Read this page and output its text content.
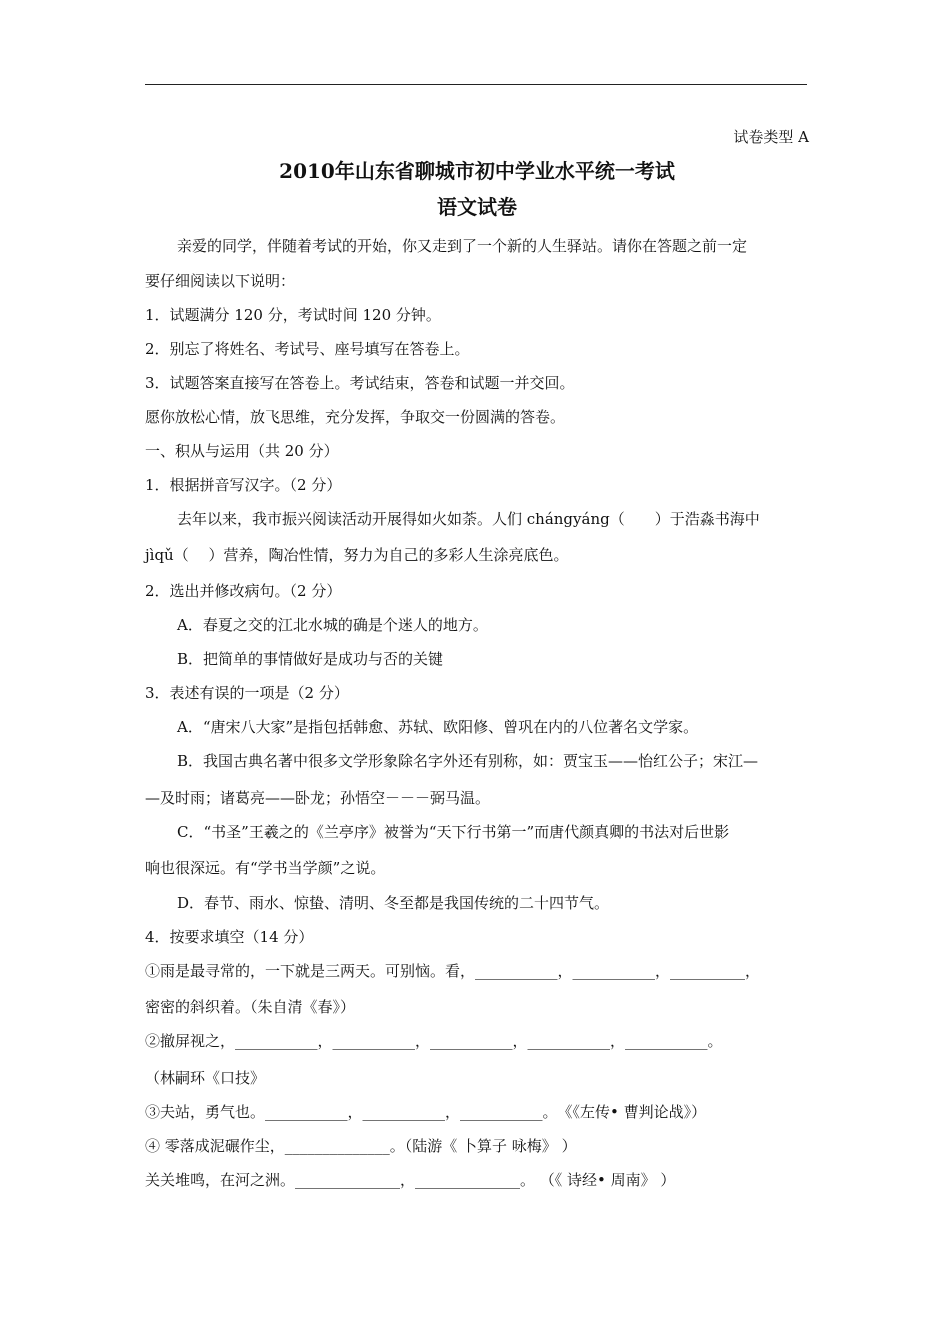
试卷类型 A
2010年山东省聊城市初中学业水平统一考试
语文试卷
亲爱的同学，伴随着考试的开始，你又走到了一个新的人生驿站。请你在答题之前一定
要仔细阅读以下说明：
1．试题满分 120 分，考试时间 120 分钟。
2．别忘了将姓名、考试号、座号填写在答卷上。
3．试题答案直接写在答卷上。考试结束，答卷和试题一并交回。
愿你放松心情，放飞思维，充分发挥，争取交一份圆满的答卷。
一、积从与运用（共 20 分）
1．根据拼音写汉字。（2 分）
去年以来，我市振兴阅读活动开展得如火如荼。人们 chángyáng（　　）于浩淼书海中
jìqǔ（　 ）营养，陶冶性情，努力为自己的多彩人生涂亮底色。
2．选出并修改病句。（2 分）
A．春夏之交的江北水城的确是个迷人的地方。
B．把简单的事情做好是成功与否的关键
3．表述有误的一项是（2 分）
A．“唐宋八大家”是指包括韩愈、苏轼、欧阳修、曾巩在内的八位著名文学家。
B．我国古典名著中很多文学形象除名字外还有别称，如：贾宝玉——怡红公子；宋江—
—及时雨；诸葛亮——卧龙；孙悟空－－－弼马温。
C．“书圣”王羲之的《兰亭序》被誉为“天下行书第一”而唐代颜真卿的书法对后世影
响也很深远。有“学书当学颜”之说。
D．春节、雨水、惊蛰、清明、冬至都是我国传统的二十四节气。
4．按要求填空（14 分）
①雨是最寻常的，一下就是三两天。可别恼。看，___________，___________，__________，
密密的斜织着。（朱自清《春》）
②撤屏视之，___________，___________，___________，___________，___________。
（林嗣环《口技》
③夫站，勇气也。___________，___________，___________。　《《左传• 曹判论战》）
④ 零落成泥碾作尘，______________。（陆游《 卜算子 咏梅》 ）
关关堆鸣，在河之洲。______________，______________。 （《 诗经• 周南》 ）
